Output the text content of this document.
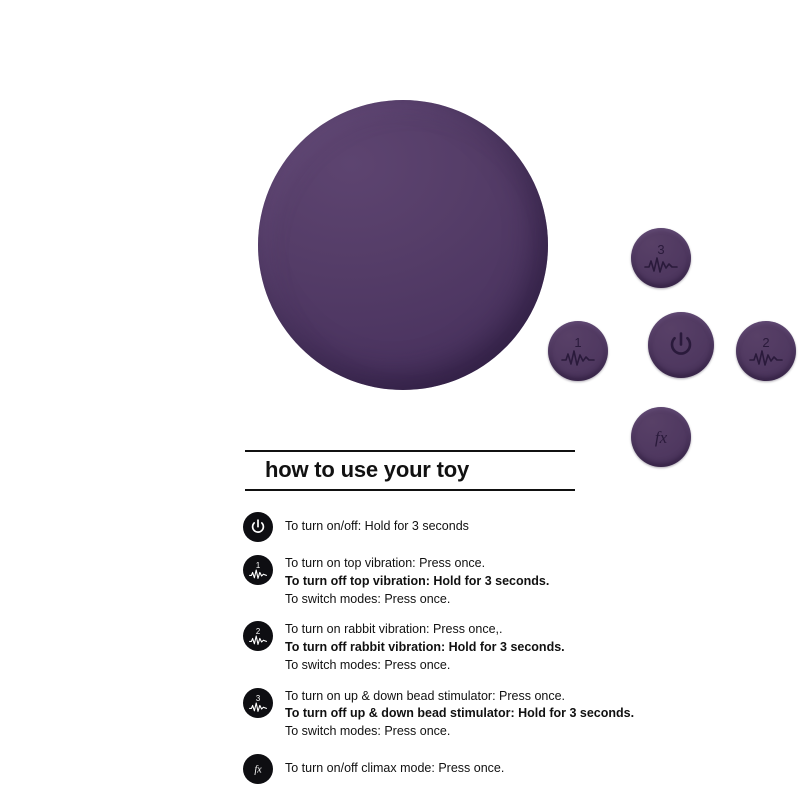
3
1	2
fx
how to use your toy
To turn on/off: Hold for 3 seconds
1 To turn on top vibration: Press once.
To turn off top vibration: Hold for 3 seconds.
To switch modes: Press once.
2 To turn on rabbit vibration: Press once,.
To turn off rabbit vibration: Hold for 3 seconds.
To switch modes: Press once.
3 To turn on up & down bead stimulator: Press once.
To turn off up & down bead stimulator: Hold for 3 seconds.
To switch modes: Press once.
fx To turn on/off climax mode: Press once.
